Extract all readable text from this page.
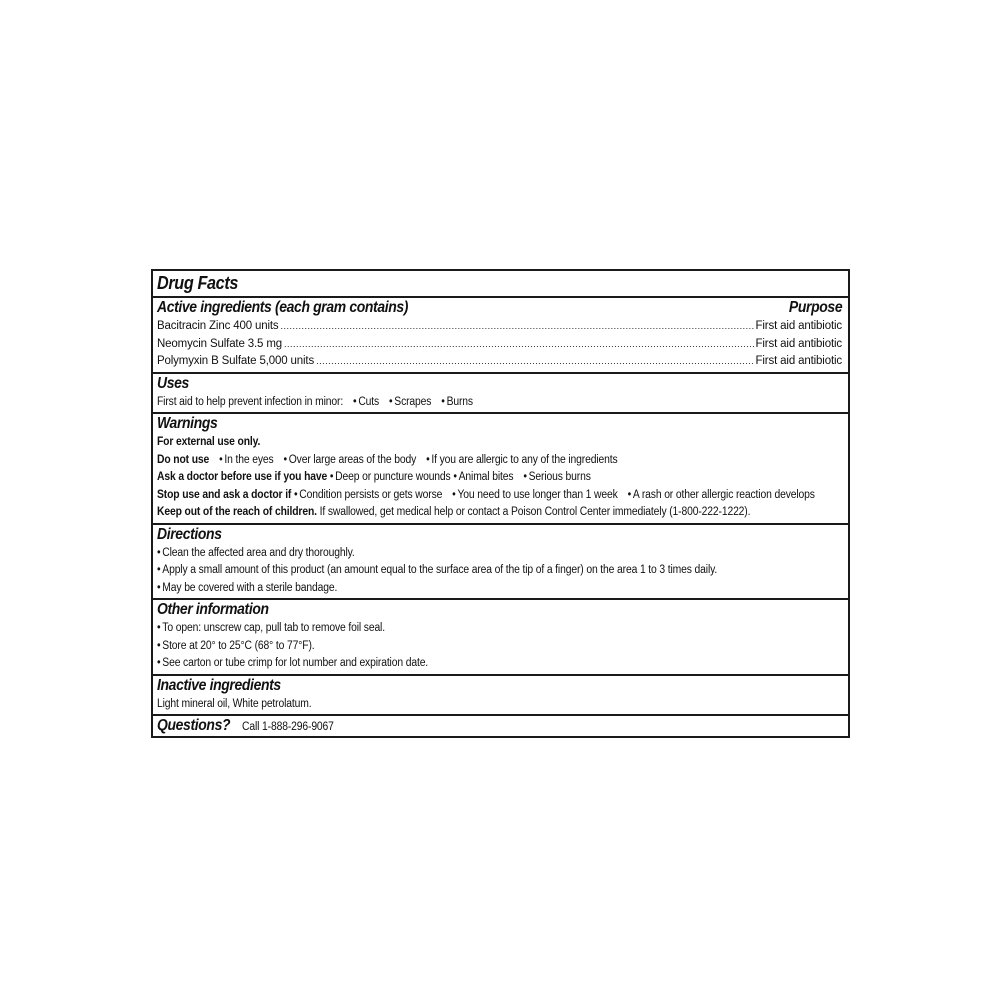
Drug Facts
Active ingredients (each gram contains)	Purpose
Bacitracin Zinc 400 units .....	First aid antibiotic
Neomycin Sulfate 3.5 mg .....	First aid antibiotic
Polymyxin B Sulfate 5,000 units .....	First aid antibiotic
Uses
First aid to help prevent infection in minor: • Cuts • Scrapes • Burns
Warnings
For external use only.
Do not use • In the eyes • Over large areas of the body • If you are allergic to any of the ingredients
Ask a doctor before use if you have • Deep or puncture wounds • Animal bites • Serious burns
Stop use and ask a doctor if • Condition persists or gets worse • You need to use longer than 1 week • A rash or other allergic reaction develops
Keep out of the reach of children. If swallowed, get medical help or contact a Poison Control Center immediately (1-800-222-1222).
Directions
• Clean the affected area and dry thoroughly.
• Apply a small amount of this product (an amount equal to the surface area of the tip of a finger) on the area 1 to 3 times daily.
• May be covered with a sterile bandage.
Other information
• To open: unscrew cap, pull tab to remove foil seal.
• Store at 20° to 25°C (68° to 77°F).
• See carton or tube crimp for lot number and expiration date.
Inactive ingredients
Light mineral oil, White petrolatum.
Questions? Call 1-888-296-9067
